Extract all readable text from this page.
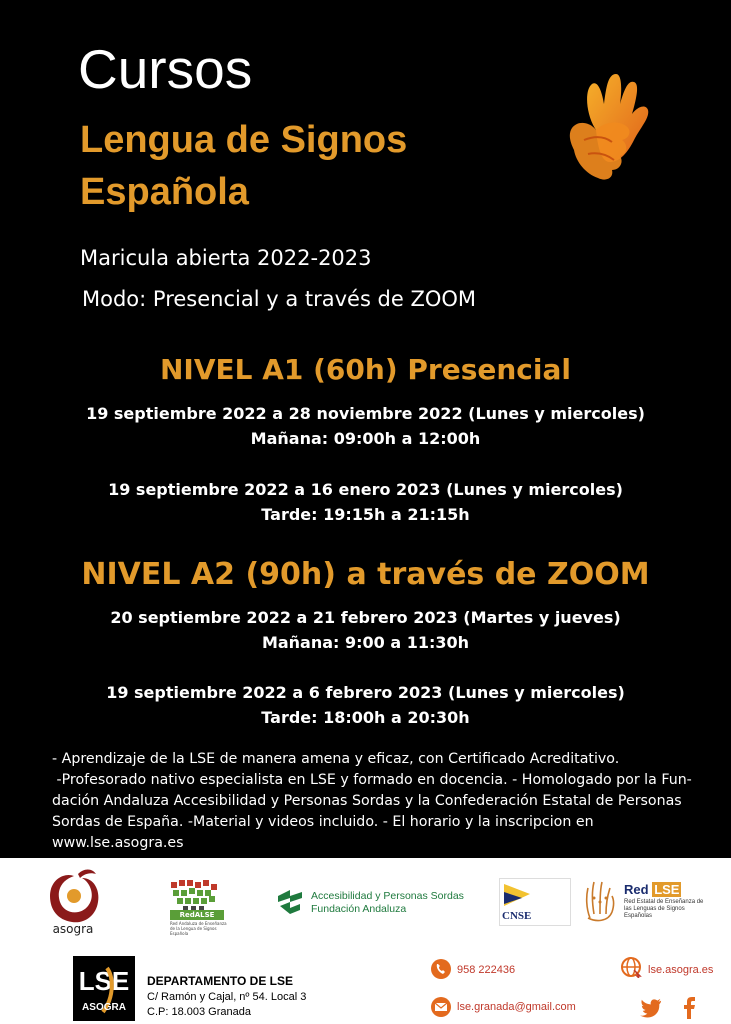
Cursos
Lengua de Signos
Española
Maricula abierta 2022-2023
Modo: Presencial y a través de ZOOM
NIVEL A1 (60h) Presencial
19 septiembre 2022 a 28 noviembre 2022 (Lunes y miercoles)
Mañana: 09:00h a 12:00h
19 septiembre 2022 a 16 enero 2023 (Lunes y miercoles)
Tarde: 19:15h a 21:15h
NIVEL A2 (90h) a través de ZOOM
20 septiembre 2022 a 21 febrero 2023 (Martes y jueves)
Mañana: 9:00 a 11:30h
19 septiembre 2022 a 6 febrero 2023 (Lunes y miercoles)
Tarde: 18:00h a 20:30h
- Aprendizaje de la LSE de manera amena y eficaz, con Certificado Acreditativo.
-Profesorado nativo especialista en LSE y formado en docencia. - Homologado por la Fun-
dación Andaluza Accesibilidad y Personas Sordas y la Confederación Estatal de Personas
Sordas de España. -Material y videos incluido. - El horario y la inscripcion en www.lse.asogra.es
asogra
RedALSE
Red Andaluza de Enseñanza de la Lengua de Signos Española
Accesibilidad y Personas Sordas
Fundación Andaluza
CNSE
Red LSE
Red Estatal de Enseñanza de las Lenguas de Signos Españolas
LSE
ASOGRA
DEPARTAMENTO DE LSE
C/ Ramón y Cajal, nº 54. Local 3
C.P: 18.003 Granada
958 222436
lse.granada@gmail.com
lse.asogra.es
